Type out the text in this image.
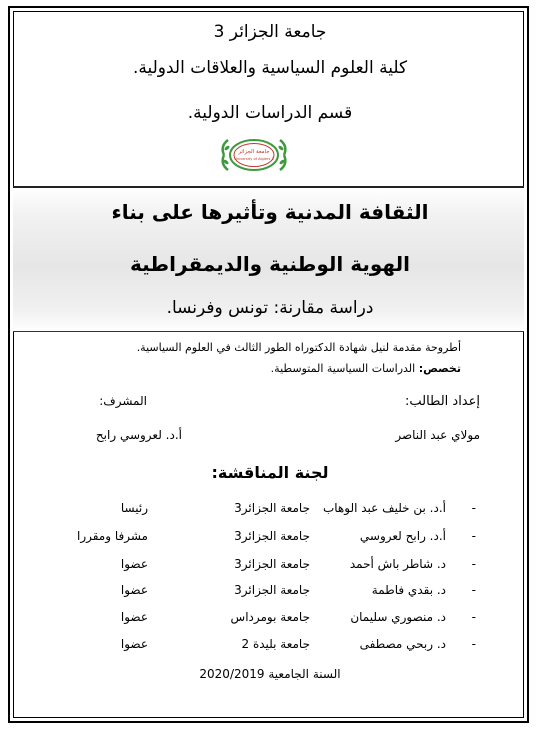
جامعة الجزائر 3
كلية العلوم السياسية والعلاقات الدولية.
قسم الدراسات الدولية.
جامعة الجزائر
University of Algiers 3
الثقافة المدنية وتأثيرها على بناء
الهوية الوطنية والديمقراطية
دراسة مقارنة: تونس وفرنسا.
أطروحة مقدمة لنيل شهادة الدكتوراه الطور الثالث في العلوم السياسية.
تخصص: الدراسات السياسية المتوسطية.
إعداد الطالب:
المشرف:
مولاي عبد الناصر
أ.د. لعروسي رابح
لجنة المناقشة:
-
أ.د. بن خليف عبد الوهاب
جامعة الجزائر3
رئيسا
-
أ.د. رابح لعروسي
جامعة الجزائر3
مشرفا ومقررا
-
د. شاطر باش أحمد
جامعة الجزائر3
عضوا
-
د. بقدي فاطمة
جامعة الجزائر3
عضوا
-
د. منصوري سليمان
جامعة بومرداس
عضوا
-
د. ربحي مصطفى
جامعة بليدة 2
عضوا
السنة الجامعية 2020/2019
